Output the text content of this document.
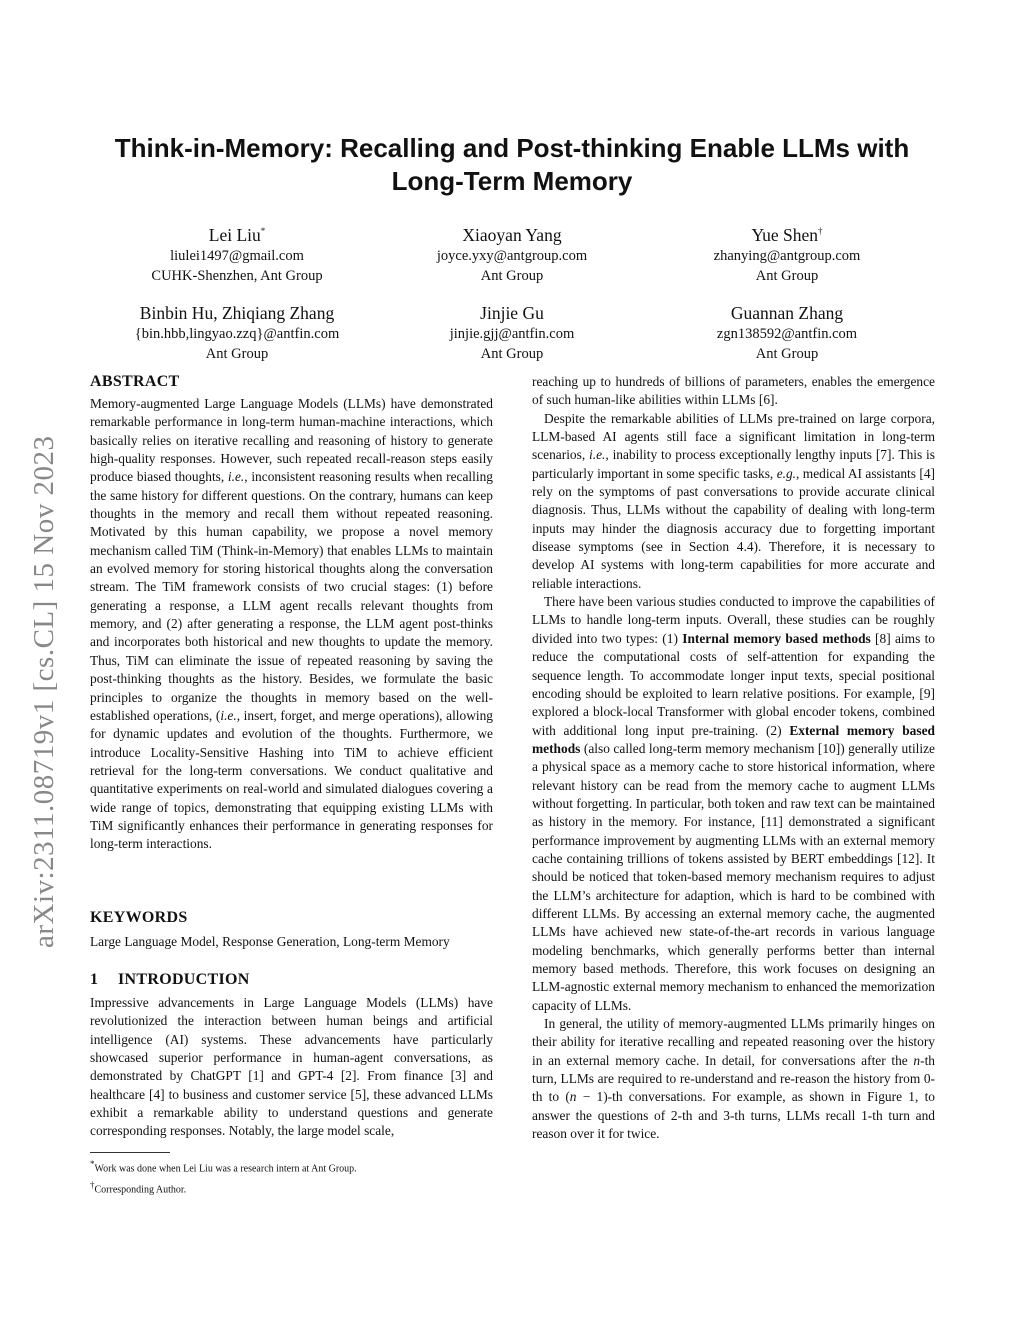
arXiv:2311.08719v1 [cs.CL] 15 Nov 2023
Think-in-Memory: Recalling and Post-thinking Enable LLMs with
Long-Term Memory
Lei Liu*
liulei1497@gmail.com
CUHK-Shenzhen, Ant Group
Xiaoyan Yang
joyce.yxy@antgroup.com
Ant Group
Yue Shen†
zhanying@antgroup.com
Ant Group
Binbin Hu, Zhiqiang Zhang
{bin.hbb,lingyao.zzq}@antfin.com
Ant Group
Jinjie Gu
jinjie.gjj@antfin.com
Ant Group
Guannan Zhang
zgn138592@antfin.com
Ant Group
ABSTRACT

Memory-augmented Large Language Models (LLMs) have demonstrated remarkable performance in long-term human-machine interactions, which basically relies on iterative recalling and reasoning of history to generate high-quality responses. However, such repeated recall-reason steps easily produce biased thoughts, i.e., inconsistent reasoning results when recalling the same history for different questions. On the contrary, humans can keep thoughts in the memory and recall them without repeated reasoning. Motivated by this human capability, we propose a novel memory mechanism called TiM (Think-in-Memory) that enables LLMs to maintain an evolved memory for storing historical thoughts along the conversation stream. The TiM framework consists of two crucial stages: (1) before generating a response, a LLM agent recalls relevant thoughts from memory, and (2) after generating a response, the LLM agent post-thinks and incorporates both historical and new thoughts to update the memory. Thus, TiM can eliminate the issue of repeated reasoning by saving the post-thinking thoughts as the history. Besides, we formulate the basic principles to organize the thoughts in memory based on the well-established operations, (i.e., insert, forget, and merge operations), allowing for dynamic updates and evolution of the thoughts. Furthermore, we introduce Locality-Sensitive Hashing into TiM to achieve efficient retrieval for the long-term conversations. We conduct qualitative and quantitative experiments on real-world and simulated dialogues covering a wide range of topics, demonstrating that equipping existing LLMs with TiM significantly enhances their performance in generating responses for long-term interactions.

KEYWORDS

Large Language Model, Response Generation, Long-term Memory

1 INTRODUCTION

Impressive advancements in Large Language Models (LLMs) have revolutionized the interaction between human beings and artificial intelligence (AI) systems. These advancements have particularly showcased superior performance in human-agent conversations, as demonstrated by ChatGPT [1] and GPT-4 [2]. From finance [3] and healthcare [4] to business and customer service [5], these advanced LLMs exhibit a remarkable ability to understand questions and generate corresponding responses. Notably, the large model scale,

*Work was done when Lei Liu was a research intern at Ant Group.
†Corresponding Author.

reaching up to hundreds of billions of parameters, enables the emergence of such human-like abilities within LLMs [6].

Despite the remarkable abilities of LLMs pre-trained on large corpora, LLM-based AI agents still face a significant limitation in long-term scenarios, i.e., inability to process exceptionally lengthy inputs [7]. This is particularly important in some specific tasks, e.g., medical AI assistants [4] rely on the symptoms of past conversations to provide accurate clinical diagnosis. Thus, LLMs without the capability of dealing with long-term inputs may hinder the diagnosis accuracy due to forgetting important disease symptoms (see in Section 4.4). Therefore, it is necessary to develop AI systems with long-term capabilities for more accurate and reliable interactions.

There have been various studies conducted to improve the capabilities of LLMs to handle long-term inputs. Overall, these studies can be roughly divided into two types: (1) Internal memory based methods [8] aims to reduce the computational costs of self-attention for expanding the sequence length. To accommodate longer input texts, special positional encoding should be exploited to learn relative positions. For example, [9] explored a block-local Transformer with global encoder tokens, combined with additional long input pre-training. (2) External memory based methods (also called long-term memory mechanism [10]) generally utilize a physical space as a memory cache to store historical information, where relevant history can be read from the memory cache to augment LLMs without forgetting. In particular, both token and raw text can be maintained as history in the memory. For instance, [11] demonstrated a significant performance improvement by augmenting LLMs with an external memory cache containing trillions of tokens assisted by BERT embeddings [12]. It should be noticed that token-based memory mechanism requires to adjust the LLM’s architecture for adaption, which is hard to be combined with different LLMs. By accessing an external memory cache, the augmented LLMs have achieved new state-of-the-art records in various language modeling benchmarks, which generally performs better than internal memory based methods. Therefore, this work focuses on designing an LLM-agnostic external memory mechanism to enhanced the memorization capacity of LLMs.

In general, the utility of memory-augmented LLMs primarily hinges on their ability for iterative recalling and repeated reasoning over the history in an external memory cache. In detail, for conversations after the n-th turn, LLMs are required to re-understand and re-reason the history from 0-th to (n − 1)-th conversations. For example, as shown in Figure 1, to answer the questions of 2-th and 3-th turns, LLMs recall 1-th turn and reason over it for twice.
